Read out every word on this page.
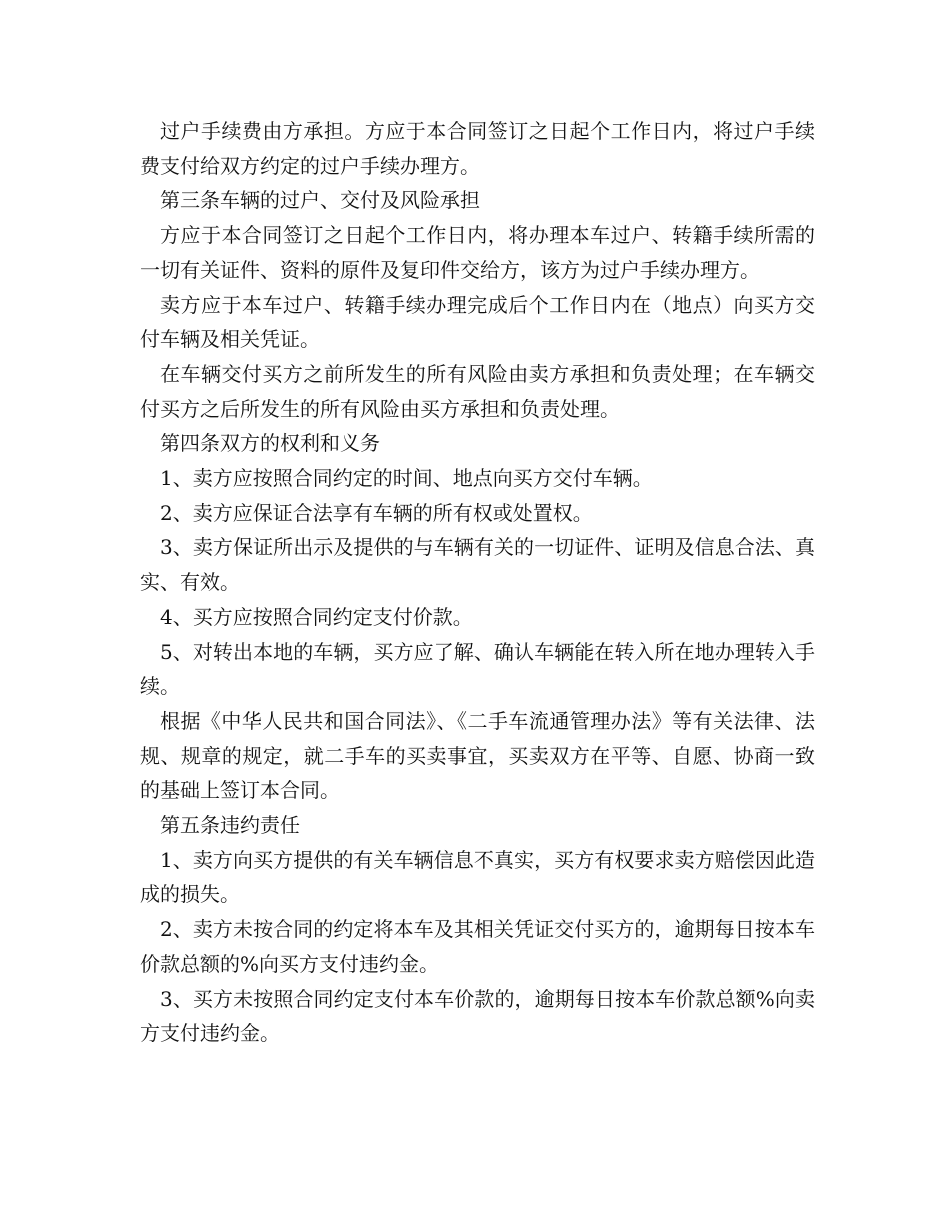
过户手续费由方承担。方应于本合同签订之日起个工作日内，将过户手续费支付给双方约定的过户手续办理方。

第三条车辆的过户、交付及风险承担

方应于本合同签订之日起个工作日内，将办理本车过户、转籍手续所需的一切有关证件、资料的原件及复印件交给方，该方为过户手续办理方。

卖方应于本车过户、转籍手续办理完成后个工作日内在（地点）向买方交付车辆及相关凭证。

在车辆交付买方之前所发生的所有风险由卖方承担和负责处理；在车辆交付买方之后所发生的所有风险由买方承担和负责处理。

第四条双方的权利和义务

1、卖方应按照合同约定的时间、地点向买方交付车辆。

2、卖方应保证合法享有车辆的所有权或处置权。

3、卖方保证所出示及提供的与车辆有关的一切证件、证明及信息合法、真实、有效。

4、买方应按照合同约定支付价款。

5、对转出本地的车辆，买方应了解、确认车辆能在转入所在地办理转入手续。

根据《中华人民共和国合同法》、《二手车流通管理办法》等有关法律、法规、规章的规定，就二手车的买卖事宜，买卖双方在平等、自愿、协商一致的基础上签订本合同。

第五条违约责任

1、卖方向买方提供的有关车辆信息不真实，买方有权要求卖方赔偿因此造成的损失。

2、卖方未按合同的约定将本车及其相关凭证交付买方的，逾期每日按本车价款总额的%向买方支付违约金。

3、买方未按照合同约定支付本车价款的，逾期每日按本车价款总额%向卖方支付违约金。
